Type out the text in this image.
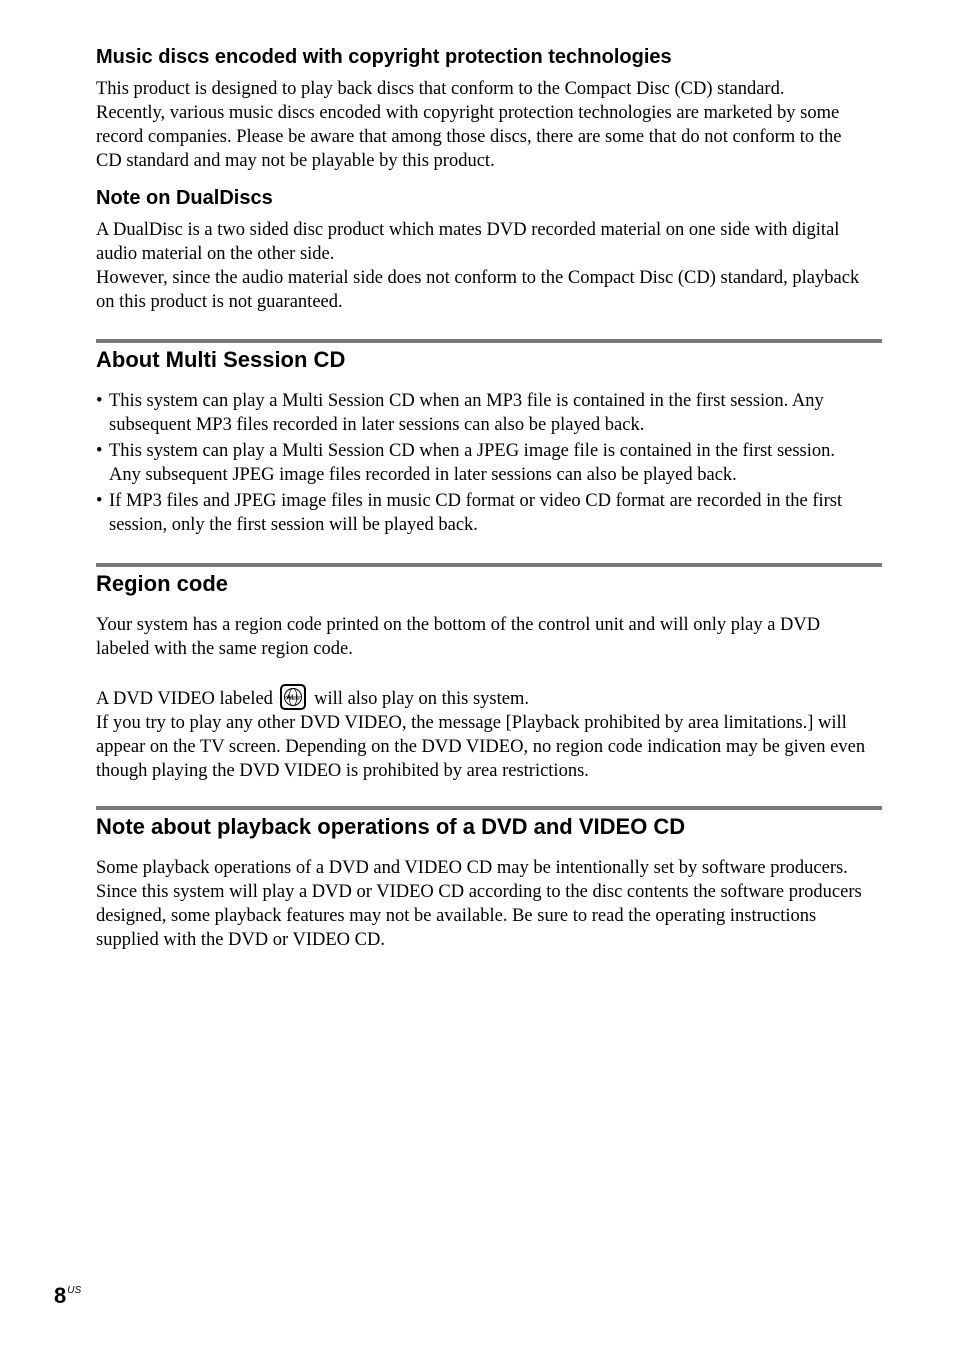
Music discs encoded with copyright protection technologies

This product is designed to play back discs that conform to the Compact Disc (CD) standard.
Recently, various music discs encoded with copyright protection technologies are marketed by some
record companies. Please be aware that among those discs, there are some that do not conform to the
CD standard and may not be playable by this product.

Note on DualDiscs

A DualDisc is a two sided disc product which mates DVD recorded material on one side with digital
audio material on the other side.
However, since the audio material side does not conform to the Compact Disc (CD) standard, playback
on this product is not guaranteed.

About Multi Session CD
• This system can play a Multi Session CD when an MP3 file is contained in the first session. Any
subsequent MP3 files recorded in later sessions can also be played back.
• This system can play a Multi Session CD when a JPEG image file is contained in the first session.
Any subsequent JPEG image files recorded in later sessions can also be played back.
• If MP3 files and JPEG image files in music CD format or video CD format are recorded in the first
session, only the first session will be played back.
Region code

Your system has a region code printed on the bottom of the control unit and will only play a DVD
labeled with the same region code.

A DVD VIDEO labeled ALL will also play on this system.
If you try to play any other DVD VIDEO, the message [Playback prohibited by area limitations.] will
appear on the TV screen. Depending on the DVD VIDEO, no region code indication may be given even
though playing the DVD VIDEO is prohibited by area restrictions.

Note about playback operations of a DVD and VIDEO CD

Some playback operations of a DVD and VIDEO CD may be intentionally set by software producers.
Since this system will play a DVD or VIDEO CD according to the disc contents the software producers
designed, some playback features may not be available. Be sure to read the operating instructions
supplied with the DVD or VIDEO CD.

$8^{US}$
